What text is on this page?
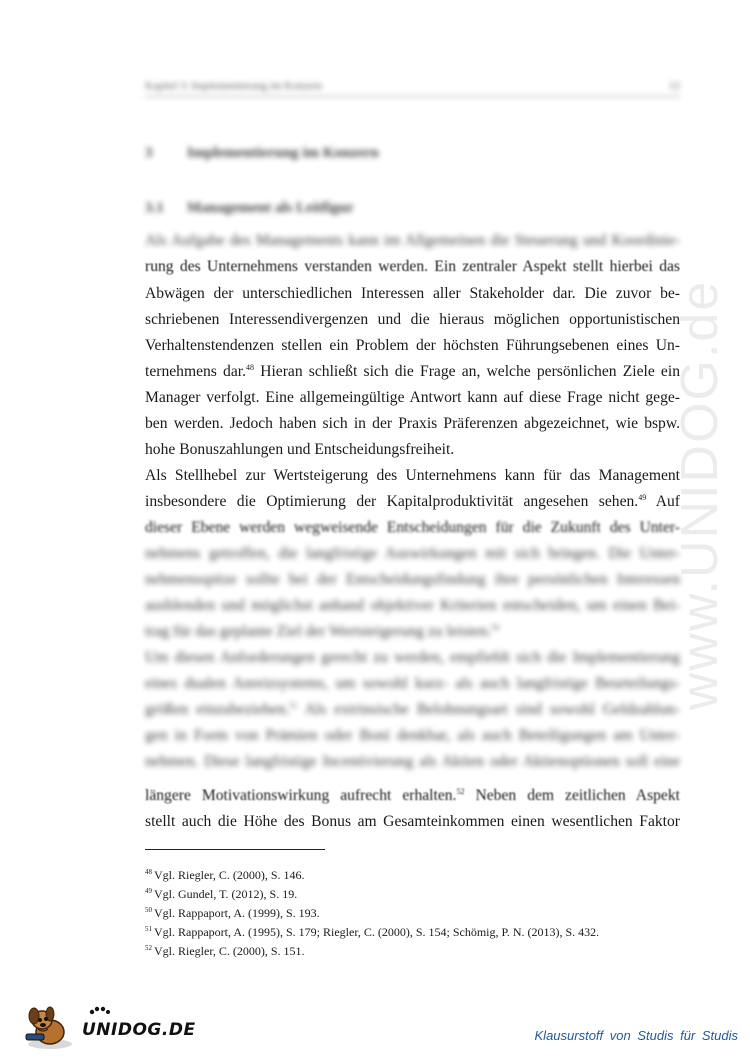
www.UNIDOG.de
Kapitel 3: Implementierung im Konzern	12
3 Implementierung im Konzern
3.1 Management als Leitfigur
Als Aufgabe des Managements kann im Allgemeinen die Steuerung und Koordinie-
rung des Unternehmens verstanden werden. Ein zentraler Aspekt stellt hierbei das
Abwägen der unterschiedlichen Interessen aller Stakeholder dar. Die zuvor be-
schriebenen Interessendivergenzen und die hieraus möglichen opportunistischen
Verhaltenstendenzen stellen ein Problem der höchsten Führungsebenen eines Un-
ternehmens dar.$^{48}$ Hieran schließt sich die Frage an, welche persönlichen Ziele ein
Manager verfolgt. Eine allgemeingültige Antwort kann auf diese Frage nicht gege-
ben werden. Jedoch haben sich in der Praxis Präferenzen abgezeichnet, wie bspw.
hohe Bonuszahlungen und Entscheidungsfreiheit.
Als Stellhebel zur Wertsteigerung des Unternehmens kann für das Management
insbesondere die Optimierung der Kapitalproduktivität angesehen sehen.$^{49}$ Auf
dieser Ebene werden wegweisende Entscheidungen für die Zukunft des Unter-
nehmens getroffen, die langfristige Auswirkungen mit sich bringen. Die Unter-
nehmensspitze sollte bei der Entscheidungsfindung ihre persönlichen Interessen
ausblenden und möglichst anhand objektiver Kriterien entscheiden, um einen Bei-
trag für das geplante Ziel der Wertsteigerung zu leisten.$^{50}$
Um diesen Anforderungen gerecht zu werden, empfiehlt sich die Implementierung
eines dualen Anreizsystems, um sowohl kurz- als auch langfristige Beurteilungs-
größen einzubeziehen.$^{51}$ Als extrinsische Belohnungsart sind sowohl Geldzahlun-
gen in Form von Prämien oder Boni denkbar, als auch Beteiligungen am Unter-
nehmen. Diese langfristige Incentivierung als Aktien oder Aktienoptionen soll eine
längere Motivationswirkung aufrecht erhalten.$^{52}$ Neben dem zeitlichen Aspekt
stellt auch die Höhe des Bonus am Gesamteinkommen einen wesentlichen Faktor
$^{48}$ Vgl. Riegler, C. (2000), S. 146.
$^{49}$ Vgl. Gundel, T. (2012), S. 19.
$^{50}$ Vgl. Rappaport, A. (1999), S. 193.
$^{51}$ Vgl. Rappaport, A. (1995), S. 179; Riegler, C. (2000), S. 154; Schömig, P. N. (2013), S. 432.
$^{52}$ Vgl. Riegler, C. (2000), S. 151.
UNIDOG.DE	Klausurstoff von Studis für Studis
